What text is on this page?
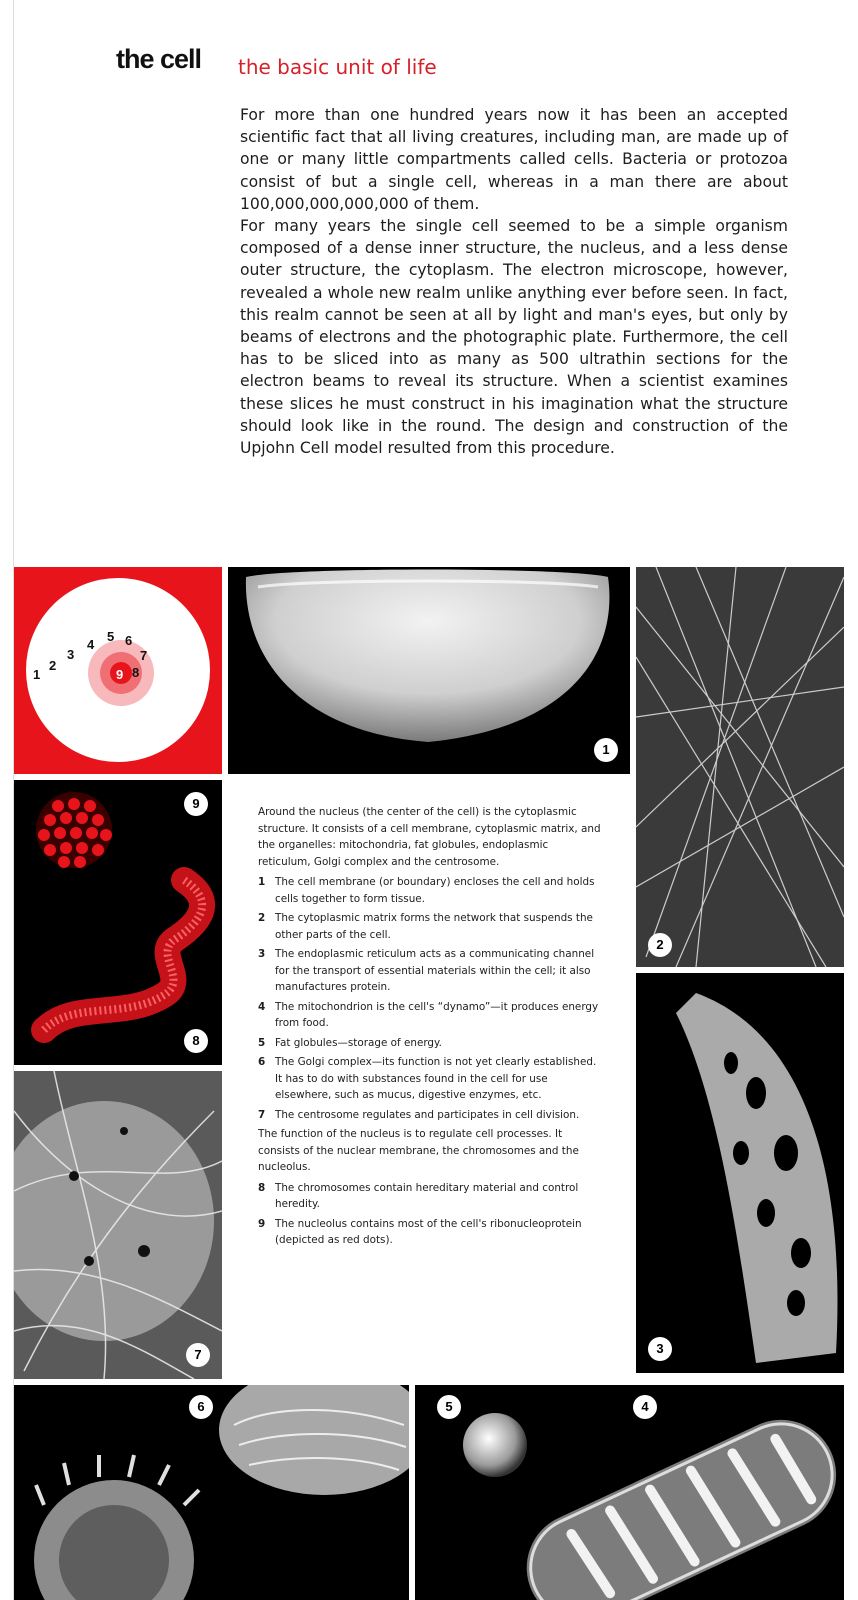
the cell the basic unit of life

For more than one hundred years now it has been an accepted scientific fact that all living creatures, including man, are made up of one or many little compartments called cells. Bacteria or protozoa consist of but a single cell, whereas in a man there are about 100,000,000,000,000 of them.

For many years the single cell seemed to be a simple organism composed of a dense inner structure, the nucleus, and a less dense outer structure, the cytoplasm. The electron microscope, however, revealed a whole new realm unlike anything ever before seen. In fact, this realm cannot be seen at all by light and man's eyes, but only by beams of electrons and the photographic plate. Furthermore, the cell has to be sliced into as many as 500 ultrathin sections for the electron beams to reveal its structure. When a scientist examines these slices he must construct in his imagination what the structure should look like in the round. The design and construction of the Upjohn Cell model resulted from this procedure.

1
2
3
4
5 6
7
8
9
1
2
9
8

Around the nucleus (the center of the cell) is the cytoplasmic structure. It consists of a cell membrane, cytoplasmic matrix, and the organelles: mitochondria, fat globules, endoplasmic reticulum, Golgi complex and the centrosome.

1 The cell membrane (or boundary) encloses the cell and holds cells together to form tissue.
2 The cytoplasmic matrix forms the network that suspends the other parts of the cell.
3 The endoplasmic reticulum acts as a communicating channel for the transport of essential materials within the cell; it also manufactures protein.
4 The mitochondrion is the cell's “dynamo”—it produces energy from food.
5 Fat globules—storage of energy.
6 The Golgi complex—its function is not yet clearly established. It has to do with substances found in the cell for use elsewhere, such as mucus, digestive enzymes, etc.
7 The centrosome regulates and participates in cell division.

The function of the nucleus is to regulate cell processes. It consists of the nuclear membrane, the chromosomes and the nucleolus.

8 The chromosomes contain hereditary material and control heredity.
9 The nucleolus contains most of the cell's ribonucleoprotein (depicted as red dots).
3
7
6	5	4
